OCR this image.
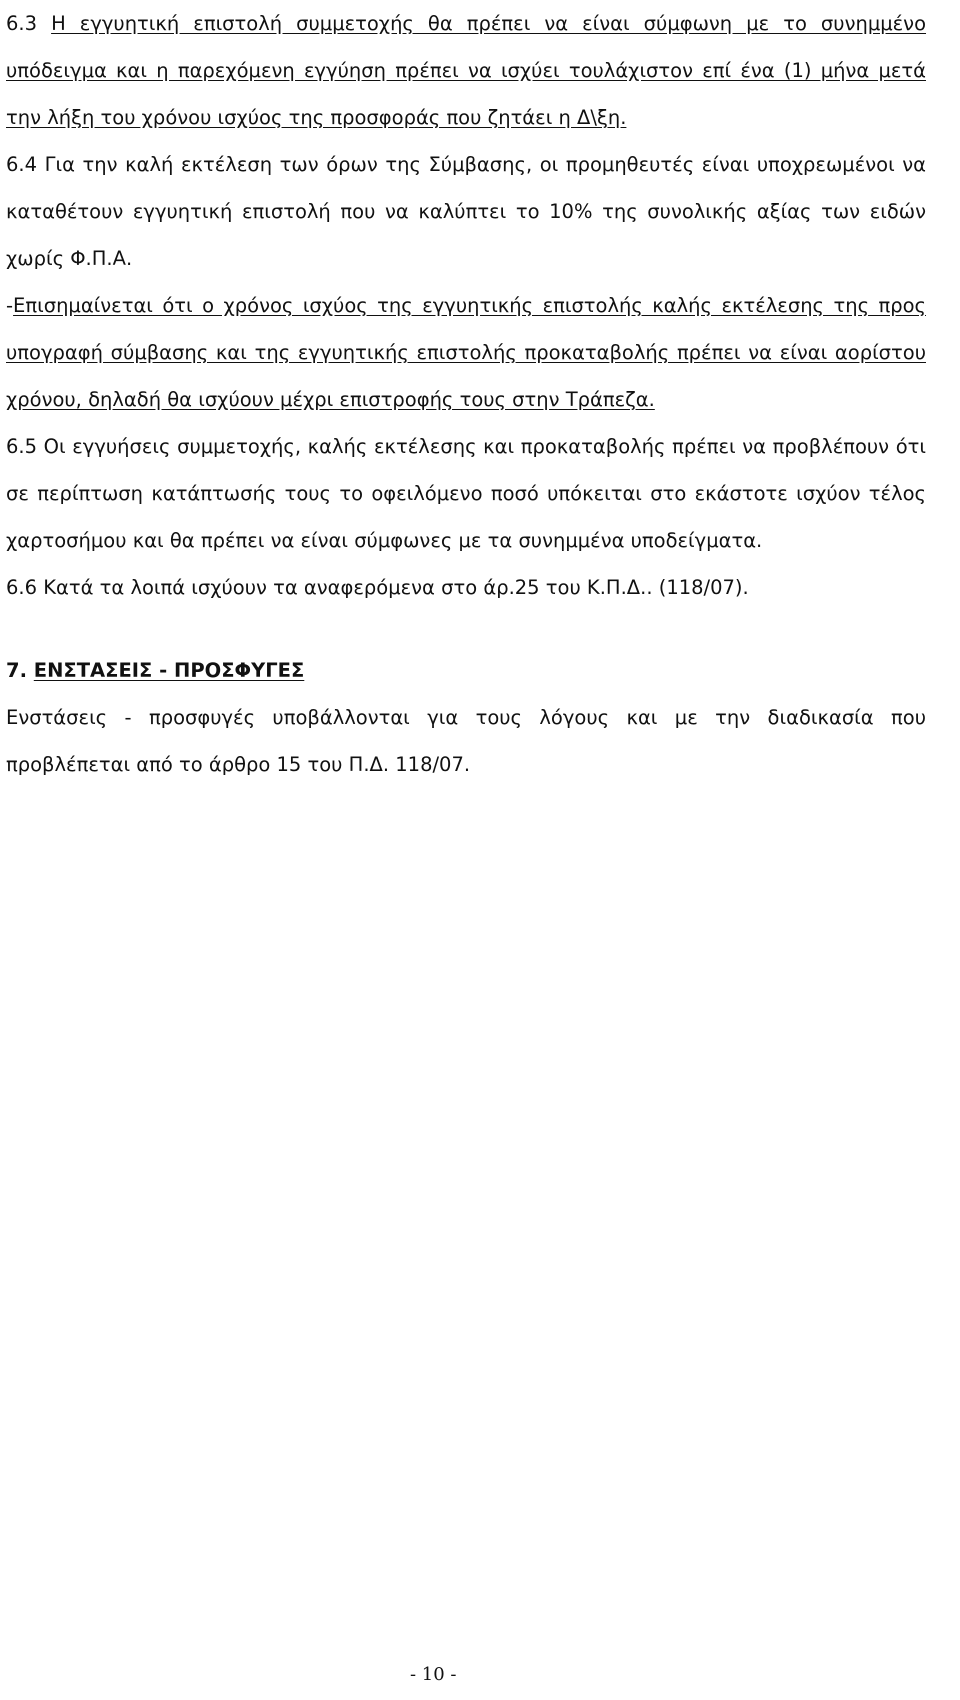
6.3 Η εγγυητική επιστολή συμμετοχής θα πρέπει να είναι σύμφωνη με το συνημμένο υπόδειγμα και η παρεχόμενη εγγύηση πρέπει να ισχύει τουλάχιστον επί ένα (1) μήνα μετά την λήξη του χρόνου ισχύος της προσφοράς που ζητάει η Δ\ξη.

6.4 Για την καλή εκτέλεση των όρων της Σύμβασης, οι προμηθευτές είναι υποχρεωμένοι να καταθέτουν εγγυητική επιστολή που να καλύπτει το 10% της συνολικής αξίας των ειδών χωρίς Φ.Π.Α.

-Επισημαίνεται ότι ο χρόνος ισχύος της εγγυητικής επιστολής καλής εκτέλεσης της προς υπογραφή σύμβασης και της εγγυητικής επιστολής προκαταβολής πρέπει να είναι αορίστου χρόνου, δηλαδή θα ισχύουν μέχρι επιστροφής τους στην Τράπεζα.

6.5 Οι εγγυήσεις συμμετοχής, καλής εκτέλεσης και προκαταβολής πρέπει να προβλέπουν ότι σε περίπτωση κατάπτωσής τους το οφειλόμενο ποσό υπόκειται στο εκάστοτε ισχύον τέλος χαρτοσήμου και θα πρέπει να είναι σύμφωνες με τα συνημμένα υποδείγματα.

6.6 Κατά τα λοιπά ισχύουν τα αναφερόμενα στο άρ.25 του Κ.Π.Δ.. (118/07).

7. ΕΝΣΤΑΣΕΙΣ - ΠΡΟΣΦΥΓΕΣ

Ενστάσεις - προσφυγές υποβάλλονται για τους λόγους και με την διαδικασία που προβλέπεται από το άρθρο 15 του Π.Δ. 118/07.

- 10 -
